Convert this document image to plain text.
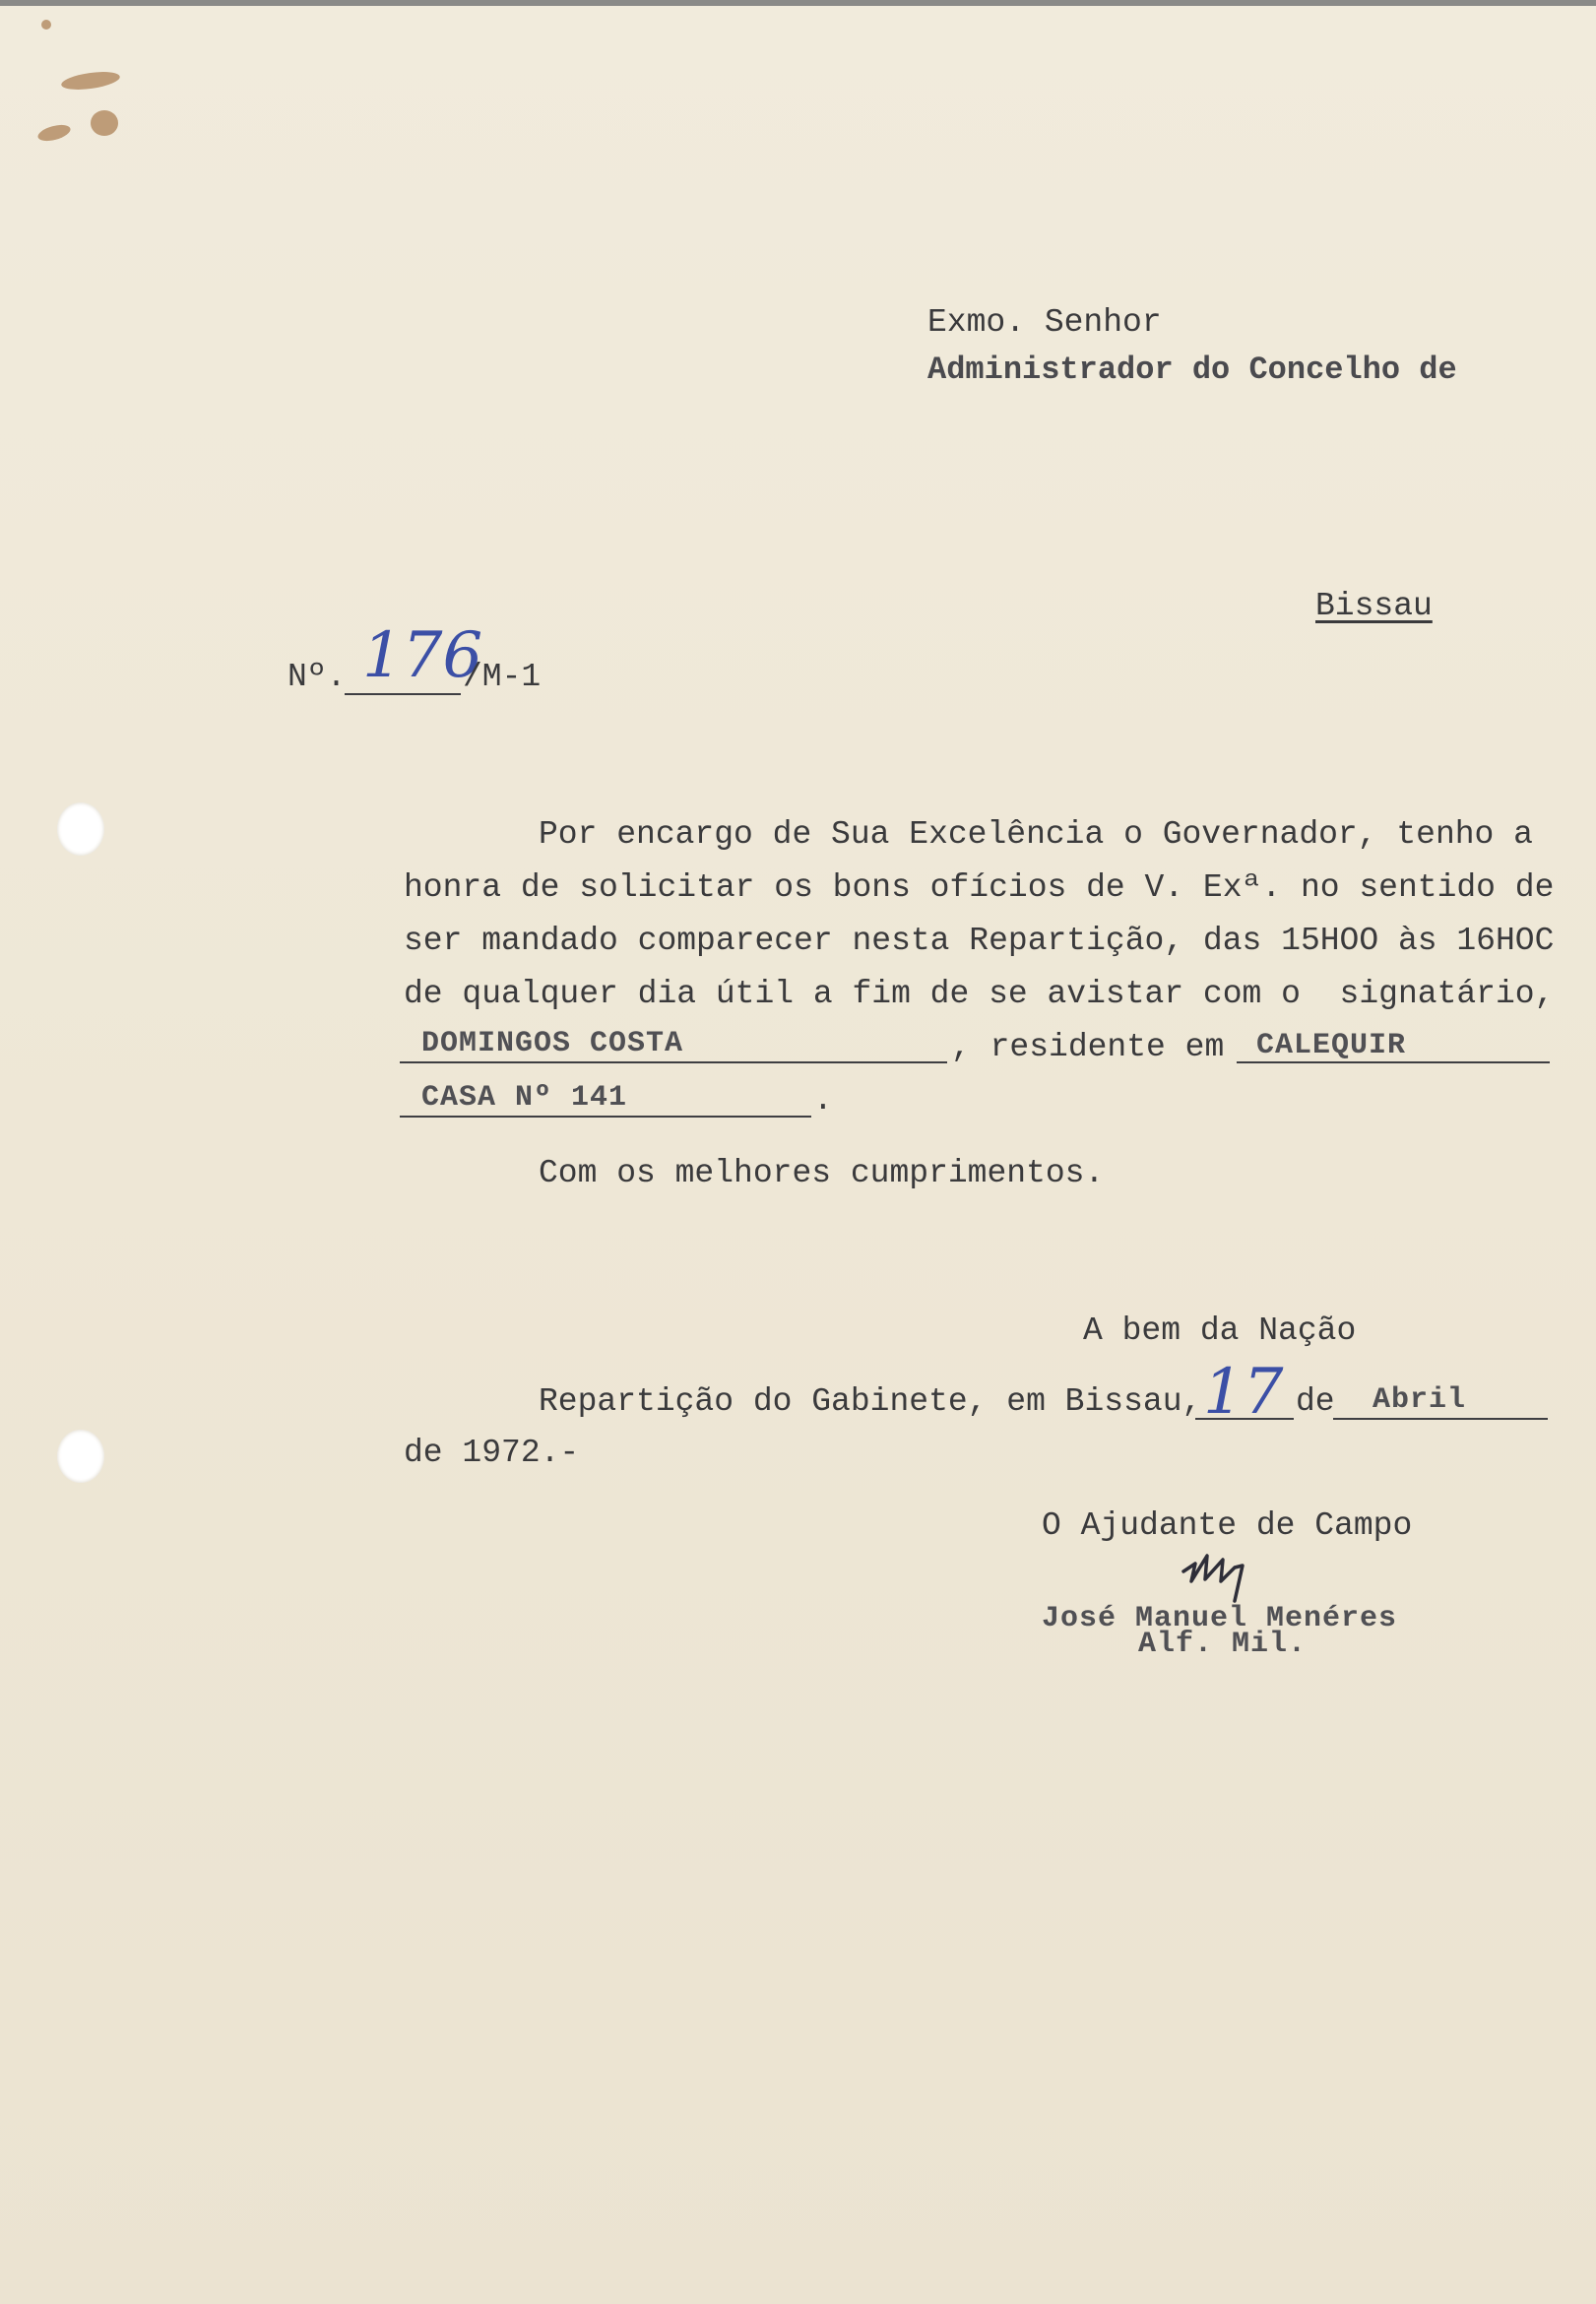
Exmo. Senhor
Administrador do Concelho de
Bissau
Nº. 176
/M-1
Por encargo de Sua Excelência o Governador, tenho a
honra de solicitar os bons ofícios de V. Exª. no sentido de
ser mandado comparecer nesta Repartição, das 15HOO às 16HOC
de qualquer dia útil a fim de se avistar com o  signatário,
DOMINGOS COSTA	, residente em CALEQUIR
CASA Nº 141	.
Com os melhores cumprimentos.
A bem da Nação
Repartição do Gabinete, em Bissau, 17 de Abril
de 1972.-
O Ajudante de Campo
José Manuel Menéres
Alf. Mil.
